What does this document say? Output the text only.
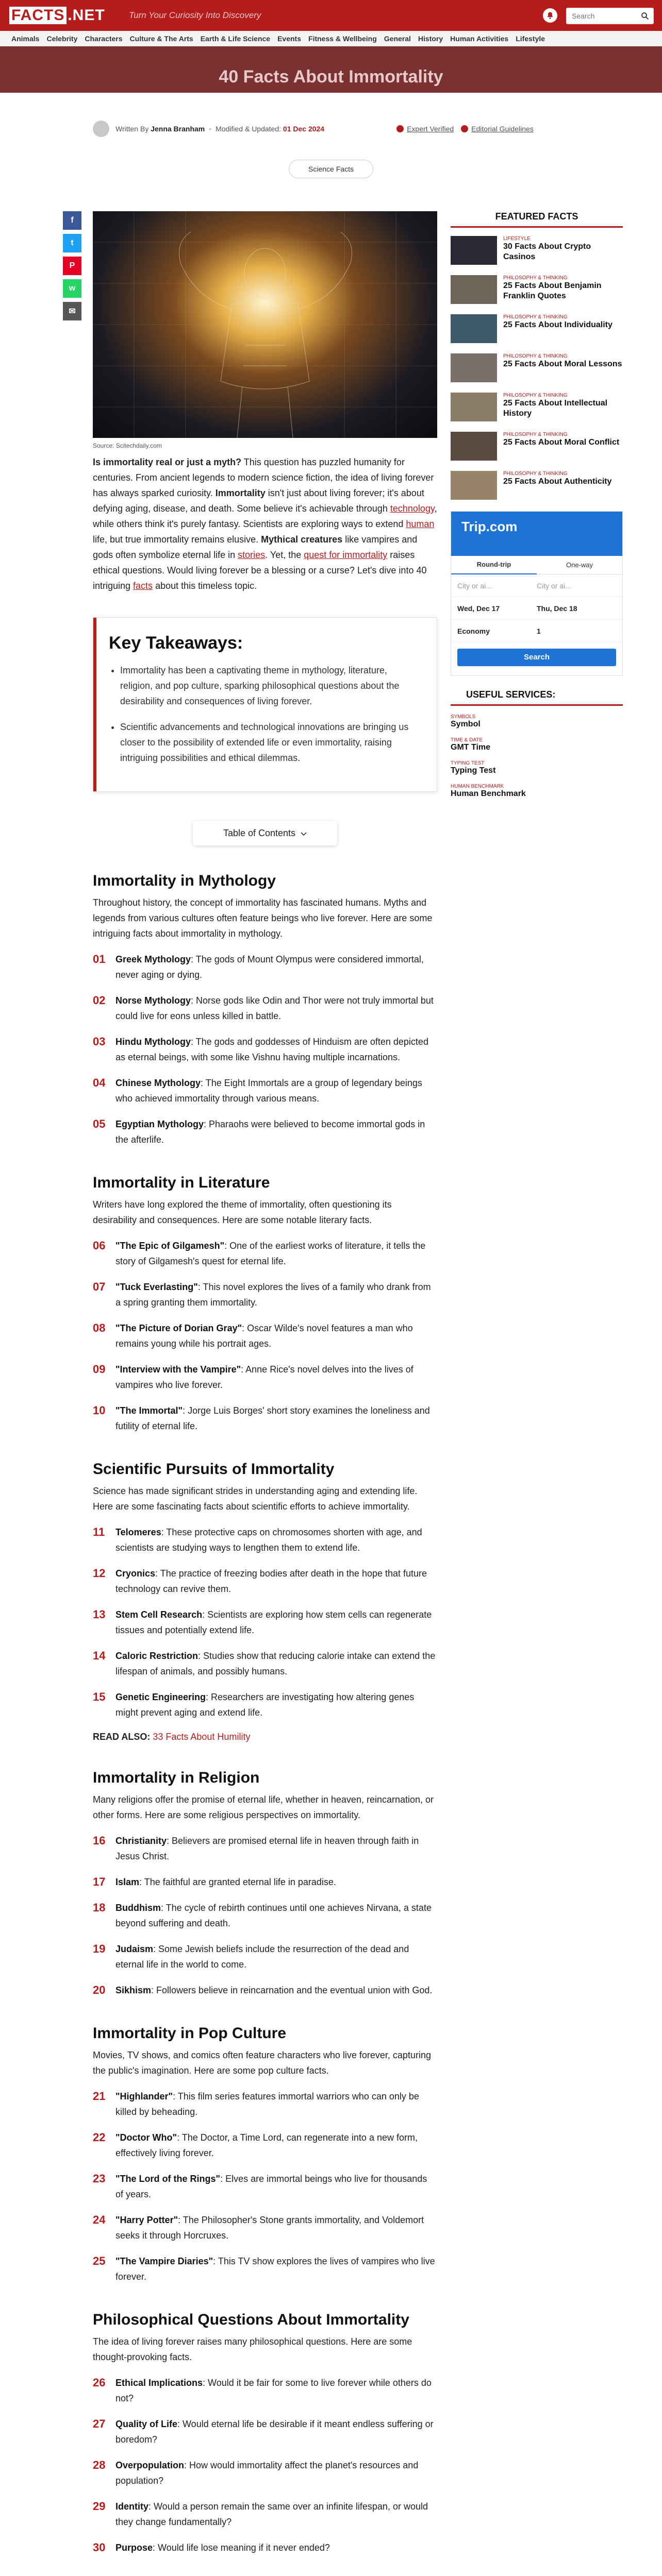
FACTS .NET	Turn Your Curiosity Into Discovery
Search
Animals Celebrity Characters Culture & The Arts Earth & Life Science Events Fitness & Wellbeing General History Human Activities Lifestyle
40 Facts About Immortality
Written By
Jenna Branham • Modified & Updated:
01 Dec 2024	Expert Verified Editorial Guidelines
Science Facts
f
t
P
w
✉
Source: Scitechdaily.com

Is immortality real or just a myth? This question has puzzled humanity for centuries. From ancient legends to modern science fiction, the idea of living forever has always sparked curiosity. Immortality isn't just about living forever; it's about defying aging, disease, and death. Some believe it's achievable through technology, while others think it's purely fantasy. Scientists are exploring ways to extend human life, but true immortality remains elusive. Mythical creatures like vampires and gods often symbolize eternal life in stories. Yet, the quest for immortality raises ethical questions. Would living forever be a blessing or a curse? Let's dive into 40 intriguing facts about this timeless topic.

Key Takeaways:
• Immortality has been a captivating theme in mythology, literature, religion, and pop culture, sparking philosophical questions about the desirability and consequences of living forever.
• Scientific advancements and technological innovations are bringing us closer to the possibility of extended life or even immortality, raising intriguing possibilities and ethical dilemmas.
Table of Contents
Immortality in Mythology

Throughout history, the concept of immortality has fascinated humans. Myths and legends from various cultures often feature beings who live forever. Here are some intriguing facts about immortality in mythology.

01	Greek Mythology: The gods of Mount Olympus were considered immortal, never aging or dying.
02	Norse Mythology: Norse gods like Odin and Thor were not truly immortal but could live for eons unless killed in battle.
03	Hindu Mythology: The gods and goddesses of Hinduism are often depicted as eternal beings, with some like Vishnu having multiple incarnations.
04	Chinese Mythology: The Eight Immortals are a group of legendary beings who achieved immortality through various means.
05	Egyptian Mythology: Pharaohs were believed to become immortal gods in the afterlife.
Immortality in Literature

Writers have long explored the theme of immortality, often questioning its desirability and consequences. Here are some notable literary facts.

06	"The Epic of Gilgamesh": One of the earliest works of literature, it tells the story of Gilgamesh's quest for eternal life.
07	"Tuck Everlasting": This novel explores the lives of a family who drank from a spring granting them immortality.
08	"The Picture of Dorian Gray": Oscar Wilde's novel features a man who remains young while his portrait ages.
09	"Interview with the Vampire": Anne Rice's novel delves into the lives of vampires who live forever.
10	"The Immortal": Jorge Luis Borges' short story examines the loneliness and futility of eternal life.
Scientific Pursuits of Immortality

Science has made significant strides in understanding aging and extending life. Here are some fascinating facts about scientific efforts to achieve immortality.

11	Telomeres: These protective caps on chromosomes shorten with age, and scientists are studying ways to lengthen them to extend life.
12	Cryonics: The practice of freezing bodies after death in the hope that future technology can revive them.
13	Stem Cell Research: Scientists are exploring how stem cells can regenerate tissues and potentially extend life.
14	Caloric Restriction: Studies show that reducing calorie intake can extend the lifespan of animals, and possibly humans.
15	Genetic Engineering: Researchers are investigating how altering genes might prevent aging and extend life.
READ ALSO: 33 Facts About Humility
Immortality in Religion

Many religions offer the promise of eternal life, whether in heaven, reincarnation, or other forms. Here are some religious perspectives on immortality.

16	Christianity: Believers are promised eternal life in heaven through faith in Jesus Christ.
17	Islam: The faithful are granted eternal life in paradise.
18	Buddhism: The cycle of rebirth continues until one achieves Nirvana, a state beyond suffering and death.
19	Judaism: Some Jewish beliefs include the resurrection of the dead and eternal life in the world to come.
20	Sikhism: Followers believe in reincarnation and the eventual union with God.
Immortality in Pop Culture

Movies, TV shows, and comics often feature characters who live forever, capturing the public's imagination. Here are some pop culture facts.

21	"Highlander": This film series features immortal warriors who can only be killed by beheading.
22	"Doctor Who": The Doctor, a Time Lord, can regenerate into a new form, effectively living forever.
23	"The Lord of the Rings": Elves are immortal beings who live for thousands of years.
24	"Harry Potter": The Philosopher's Stone grants immortality, and Voldemort seeks it through Horcruxes.
25	"The Vampire Diaries": This TV show explores the lives of vampires who live forever.
Philosophical Questions About Immortality

The idea of living forever raises many philosophical questions. Here are some thought-provoking facts.

26	Ethical Implications: Would it be fair for some to live forever while others do not?
27	Quality of Life: Would eternal life be desirable if it meant endless suffering or boredom?
28	Overpopulation: How would immortality affect the planet's resources and population?
29	Identity: Would a person remain the same over an infinite lifespan, or would they change fundamentally?
30	Purpose: Would life lose meaning if it never ended?

FEATURED FACTS
LIFESTYLE
30 Facts About Crypto Casinos
PHILOSOPHY & THINKING
25 Facts About Benjamin Franklin Quotes
PHILOSOPHY & THINKING
25 Facts About Individuality
PHILOSOPHY & THINKING
25 Facts About Moral Lessons
PHILOSOPHY & THINKING
25 Facts About Intellectual History
PHILOSOPHY & THINKING
25 Facts About Moral Conflict
PHILOSOPHY & THINKING
25 Facts About Authenticity
Trip.com
Round-trip	One-way
City or ai...	City or ai...
Wed, Dec 17	Thu, Dec 18
Economy	1
Search
USEFUL SERVICES:
SYMBOLS
Symbol
TIME & DATE
GMT Time
TYPING TEST
Typing Test
HUMAN BENCHMARK
Human Benchmark
